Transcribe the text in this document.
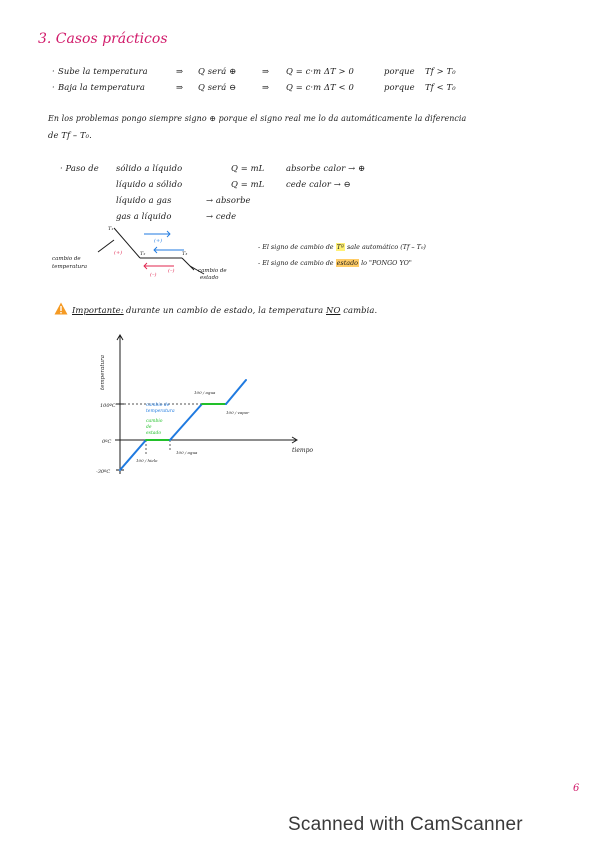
3. Casos prácticos
· Sube la temperatura	⇒ Q será ⊕	⇒ Q = c·m ΔT > 0	porque Tf > T₀
· Baja la temperatura	⇒ Q será ⊖	⇒ Q = c·m ΔT < 0	porque Tf < T₀
En los problemas pongo siempre signo ⊕ porque el signo real me lo da automáticamente la diferencia
de Tf – T₀.
· Paso de sólido a líquido	Q = mL	absorbe calor → ⊕
líquido a sólido	Q = mL	cede calor → ⊖
líquido a gas	→ absorbe
gas a líquido	→ cede
cambio de
temperatura
cambio de
estado
T₁
T₂	T₃
(+)
(–)
(+)
(–)
- El signo de cambio de Tª sale automático (Tf – T₀)
- El signo de cambio de estado lo "PONGO YO"
Importante: durante un cambio de estado, la temperatura NO cambia.
temperatura
tiempo
100ºC
0ºC
-30ºC
100 / agua
100 / vapor
100 / agua
100 / hielo
cambio de
temperatura
cambio
de
estado
6
Scanned with CamScanner
